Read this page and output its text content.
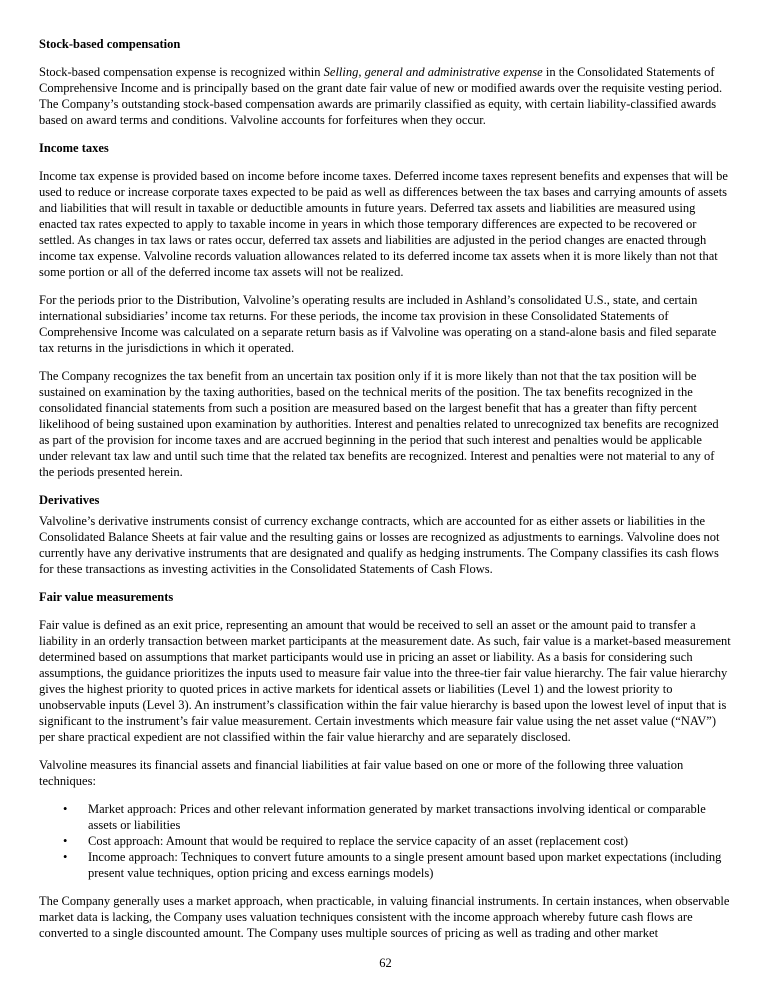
Stock-based compensation

Stock-based compensation expense is recognized within Selling, general and administrative expense in the Consolidated Statements of Comprehensive Income and is principally based on the grant date fair value of new or modified awards over the requisite vesting period. The Company’s outstanding stock-based compensation awards are primarily classified as equity, with certain liability-classified awards based on award terms and conditions. Valvoline accounts for forfeitures when they occur.

Income taxes

Income tax expense is provided based on income before income taxes. Deferred income taxes represent benefits and expenses that will be used to reduce or increase corporate taxes expected to be paid as well as differences between the tax bases and carrying amounts of assets and liabilities that will result in taxable or deductible amounts in future years. Deferred tax assets and liabilities are measured using enacted tax rates expected to apply to taxable income in years in which those temporary differences are expected to be recovered or settled. As changes in tax laws or rates occur, deferred tax assets and liabilities are adjusted in the period changes are enacted through income tax expense. Valvoline records valuation allowances related to its deferred income tax assets when it is more likely than not that some portion or all of the deferred income tax assets will not be realized.

For the periods prior to the Distribution, Valvoline’s operating results are included in Ashland’s consolidated U.S., state, and certain international subsidiaries’ income tax returns. For these periods, the income tax provision in these Consolidated Statements of Comprehensive Income was calculated on a separate return basis as if Valvoline was operating on a stand-alone basis and filed separate tax returns in the jurisdictions in which it operated.

The Company recognizes the tax benefit from an uncertain tax position only if it is more likely than not that the tax position will be sustained on examination by the taxing authorities, based on the technical merits of the position. The tax benefits recognized in the consolidated financial statements from such a position are measured based on the largest benefit that has a greater than fifty percent likelihood of being sustained upon examination by authorities. Interest and penalties related to unrecognized tax benefits are recognized as part of the provision for income taxes and are accrued beginning in the period that such interest and penalties would be applicable under relevant tax law and until such time that the related tax benefits are recognized. Interest and penalties were not material to any of the periods presented herein.

Derivatives

Valvoline’s derivative instruments consist of currency exchange contracts, which are accounted for as either assets or liabilities in the Consolidated Balance Sheets at fair value and the resulting gains or losses are recognized as adjustments to earnings. Valvoline does not currently have any derivative instruments that are designated and qualify as hedging instruments. The Company classifies its cash flows for these transactions as investing activities in the Consolidated Statements of Cash Flows.

Fair value measurements

Fair value is defined as an exit price, representing an amount that would be received to sell an asset or the amount paid to transfer a liability in an orderly transaction between market participants at the measurement date. As such, fair value is a market-based measurement determined based on assumptions that market participants would use in pricing an asset or liability. As a basis for considering such assumptions, the guidance prioritizes the inputs used to measure fair value into the three-tier fair value hierarchy. The fair value hierarchy gives the highest priority to quoted prices in active markets for identical assets or liabilities (Level 1) and the lowest priority to unobservable inputs (Level 3). An instrument’s classification within the fair value hierarchy is based upon the lowest level of input that is significant to the instrument’s fair value measurement. Certain investments which measure fair value using the net asset value (“NAV”) per share practical expedient are not classified within the fair value hierarchy and are separately disclosed.

Valvoline measures its financial assets and financial liabilities at fair value based on one or more of the following three valuation techniques:

• Market approach: Prices and other relevant information generated by market transactions involving identical or comparable assets or liabilities
• Cost approach: Amount that would be required to replace the service capacity of an asset (replacement cost)
• Income approach: Techniques to convert future amounts to a single present amount based upon market expectations (including present value techniques, option pricing and excess earnings models)

The Company generally uses a market approach, when practicable, in valuing financial instruments. In certain instances, when observable market data is lacking, the Company uses valuation techniques consistent with the income approach whereby future cash flows are converted to a single discounted amount. The Company uses multiple sources of pricing as well as trading and other market

62
